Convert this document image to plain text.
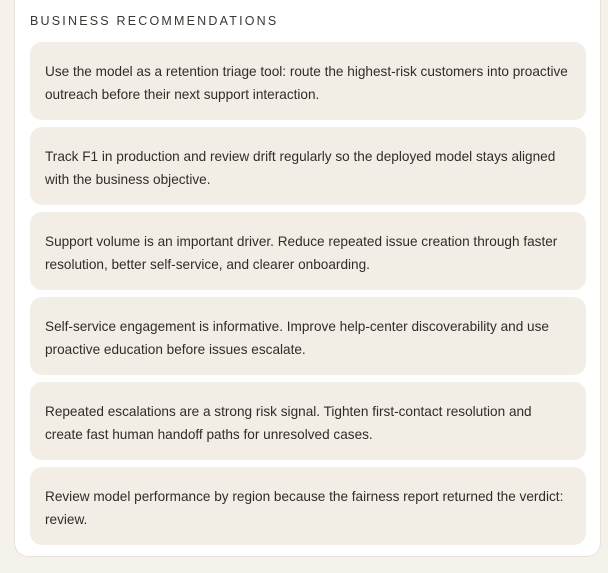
BUSINESS RECOMMENDATIONS
Use the model as a retention triage tool: route the highest-risk customers into proactive outreach before their next support interaction.
Track F1 in production and review drift regularly so the deployed model stays aligned with the business objective.
Support volume is an important driver. Reduce repeated issue creation through faster resolution, better self-service, and clearer onboarding.
Self-service engagement is informative. Improve help-center discoverability and use proactive education before issues escalate.
Repeated escalations are a strong risk signal. Tighten first-contact resolution and create fast human handoff paths for unresolved cases.
Review model performance by region because the fairness report returned the verdict: review.
